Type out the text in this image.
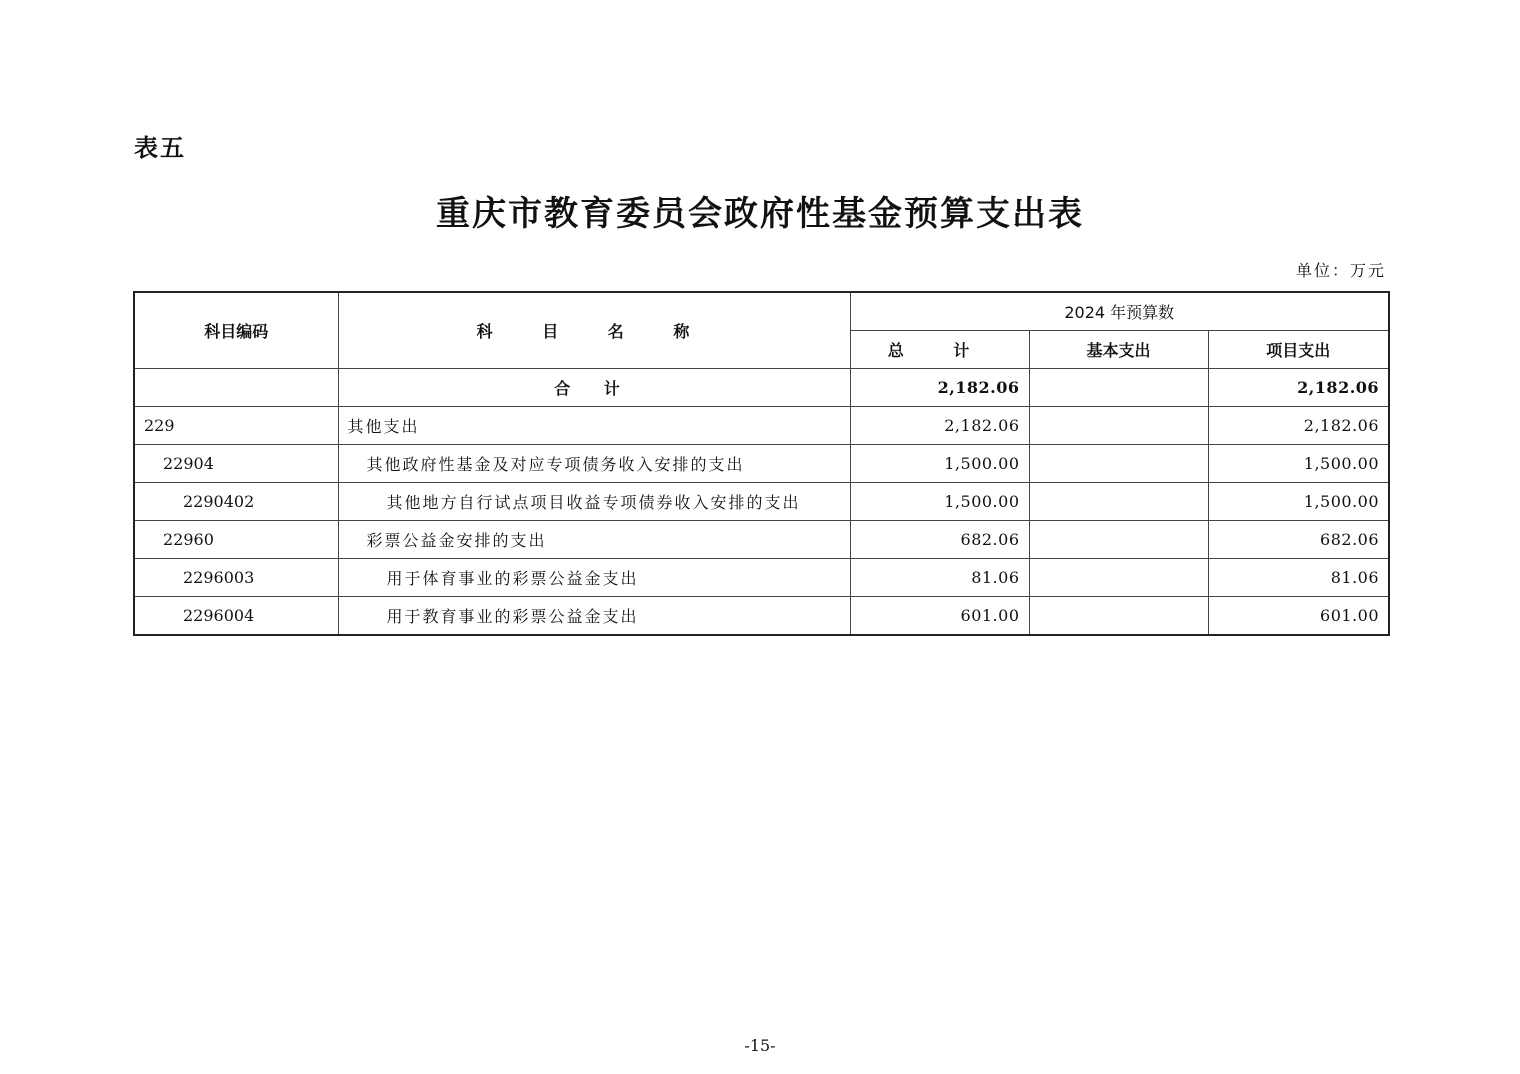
表五
重庆市教育委员会政府性基金预算支出表
单位：万元
科目编码	科 目 名 称	2024 年预算数		
		总 计	基本支出	项目支出
	合 计	2,182.06		2,182.06
229	其他支出	2,182.06		2,182.06
22904	其他政府性基金及对应专项债务收入安排的支出	1,500.00		1,500.00
2290402	其他地方自行试点项目收益专项债券收入安排的支出	1,500.00		1,500.00
22960	彩票公益金安排的支出	682.06		682.06
2296003	用于体育事业的彩票公益金支出	81.06		81.06
2296004	用于教育事业的彩票公益金支出	601.00		601.00
-15-
